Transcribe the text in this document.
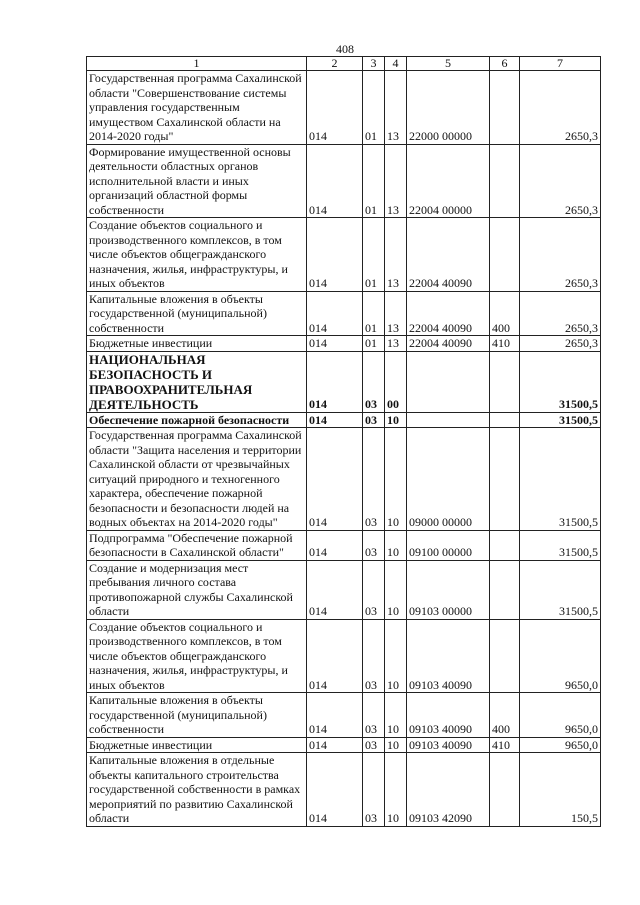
408
1	2	3	4	5	6	7
Государственная программа Сахалинской области "Совершенствование системы управления государственным имуществом Сахалинской области на 2014-2020 годы"	014	01	13	22000 00000		2650,3
Формирование имущественной основы деятельности областных органов исполнительной власти и иных организаций областной формы собственности	014	01	13	22004 00000		2650,3
Создание объектов социального и производственного комплексов, в том числе объектов общегражданского назначения, жилья, инфраструктуры, и иных объектов	014	01	13	22004 40090		2650,3
Капитальные вложения в объекты государственной (муниципальной) собственности	014	01	13	22004 40090	400	2650,3
Бюджетные инвестиции	014	01	13	22004 40090	410	2650,3
НАЦИОНАЛЬНАЯ БЕЗОПАСНОСТЬ И ПРАВООХРАНИТЕЛЬНАЯ ДЕЯТЕЛЬНОСТЬ	014	03	00			31500,5
Обеспечение пожарной безопасности	014	03	10			31500,5
Государственная программа Сахалинской области "Защита населения и территории Сахалинской области от чрезвычайных ситуаций природного и техногенного характера, обеспечение пожарной безопасности и безопасности людей на водных объектах на 2014-2020 годы"	014	03	10	09000 00000		31500,5
Подпрограмма "Обеспечение пожарной безопасности в Сахалинской области"	014	03	10	09100 00000		31500,5
Создание и модернизация мест пребывания личного состава противопожарной службы Сахалинской области	014	03	10	09103 00000		31500,5
Создание объектов социального и производственного комплексов, в том числе объектов общегражданского назначения, жилья, инфраструктуры, и иных объектов	014	03	10	09103 40090		9650,0
Капитальные вложения в объекты государственной (муниципальной) собственности	014	03	10	09103 40090	400	9650,0
Бюджетные инвестиции	014	03	10	09103 40090	410	9650,0
Капитальные вложения в отдельные объекты капитального строительства государственной собственности в рамках мероприятий по развитию Сахалинской области	014	03	10	09103 42090		150,5
